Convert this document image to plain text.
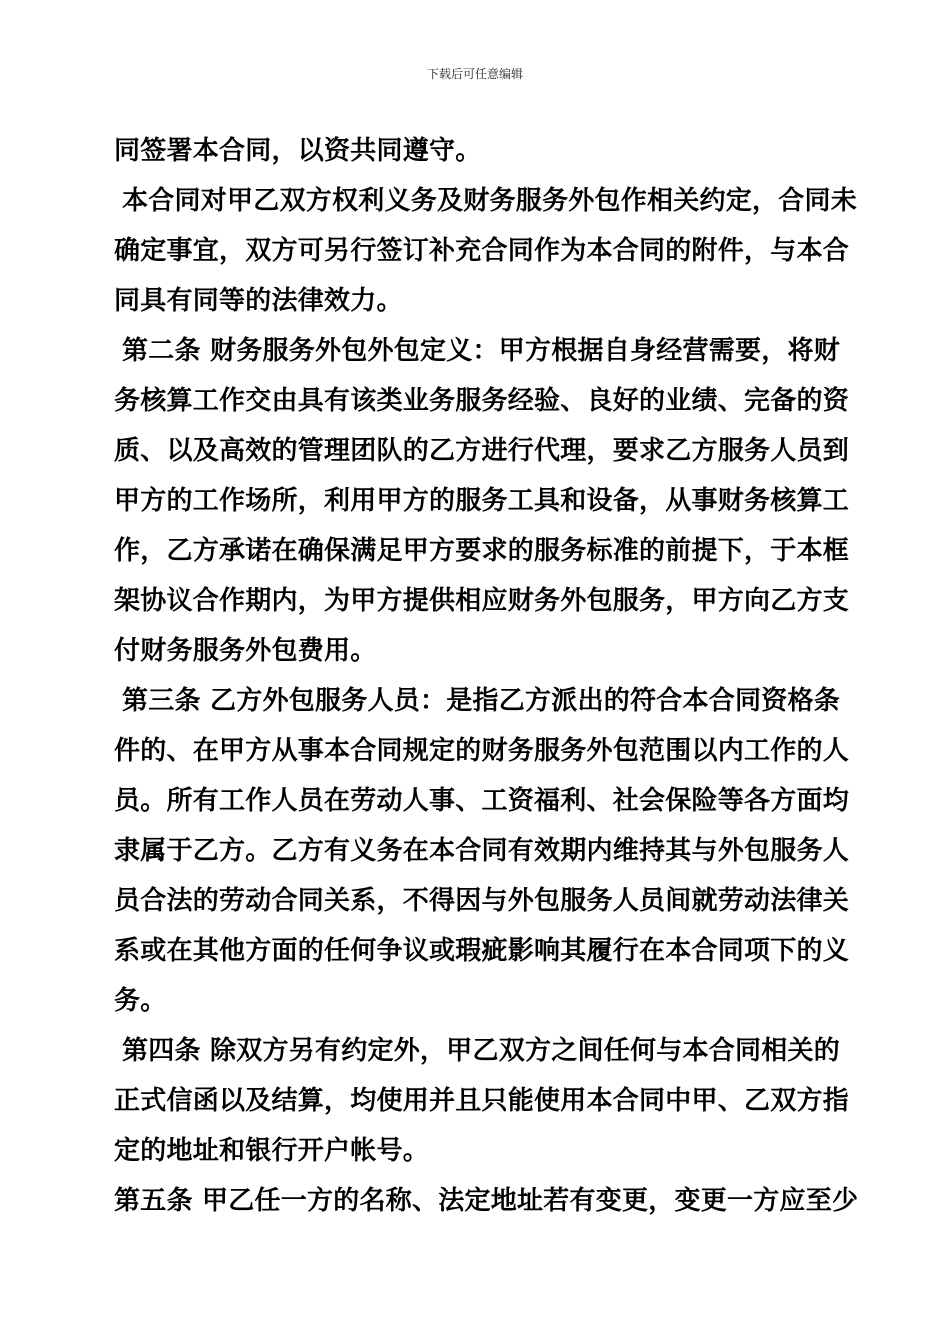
下载后可任意编辑
同签署本合同，以资共同遵守。
本合同对甲乙双方权利义务及财务服务外包作相关约定，合同未
确定事宜，双方可另行签订补充合同作为本合同的附件，与本合
同具有同等的法律效力。
第二条 财务服务外包外包定义：甲方根据自身经营需要，将财
务核算工作交由具有该类业务服务经验、良好的业绩、完备的资
质、以及高效的管理团队的乙方进行代理，要求乙方服务人员到
甲方的工作场所，利用甲方的服务工具和设备，从事财务核算工
作，乙方承诺在确保满足甲方要求的服务标准的前提下，于本框
架协议合作期内，为甲方提供相应财务外包服务，甲方向乙方支
付财务服务外包费用。
第三条 乙方外包服务人员：是指乙方派出的符合本合同资格条
件的、在甲方从事本合同规定的财务服务外包范围以内工作的人
员。所有工作人员在劳动人事、工资福利、社会保险等各方面均
隶属于乙方。乙方有义务在本合同有效期内维持其与外包服务人
员合法的劳动合同关系，不得因与外包服务人员间就劳动法律关
系或在其他方面的任何争议或瑕疵影响其履行在本合同项下的义
务。
第四条 除双方另有约定外，甲乙双方之间任何与本合同相关的
正式信函以及结算，均使用并且只能使用本合同中甲、乙双方指
定的地址和银行开户帐号。
第五条 甲乙任一方的名称、法定地址若有变更，变更一方应至少
